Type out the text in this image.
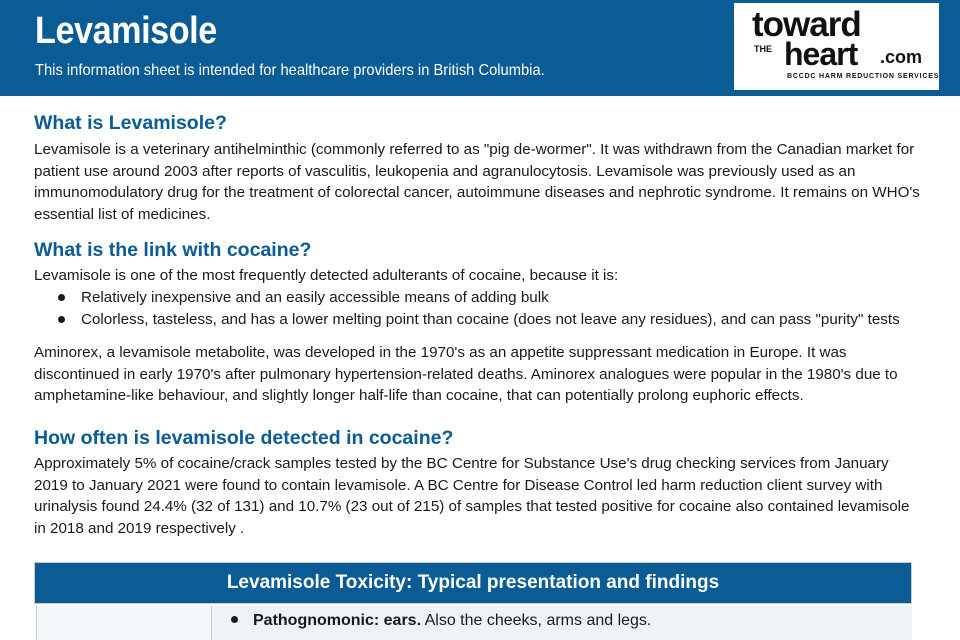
Levamisole
This information sheet is intended for healthcare providers in British Columbia.
toward
THE heart .com
BCCDC HARM REDUCTION SERVICES
What is Levamisole?

Levamisole is a veterinary antihelminthic (commonly referred to as "pig de-wormer". It was withdrawn from the Canadian market for patient use around 2003 after reports of vasculitis, leukopenia and agranulocytosis. Levamisole was previously used as an immunomodulatory drug for the treatment of colorectal cancer, autoimmune diseases and nephrotic syndrome. It remains on WHO's essential list of medicines.

What is the link with cocaine?

Levamisole is one of the most frequently detected adulterants of cocaine, because it is:

Relatively inexpensive and an easily accessible means of adding bulk
Colorless, tasteless, and has a lower melting point than cocaine (does not leave any residues), and can pass "purity" tests

Aminorex, a levamisole metabolite, was developed in the 1970's as an appetite suppressant medication in Europe. It was discontinued in early 1970's after pulmonary hypertension-related deaths. Aminorex analogues were popular in the 1980's due to amphetamine-like behaviour, and slightly longer half-life than cocaine, that can potentially prolong euphoric effects.

How often is levamisole detected in cocaine?

Approximately 5% of cocaine/crack samples tested by the BC Centre for Substance Use's drug checking services from January 2019 to January 2021 were found to contain levamisole. A BC Centre for Disease Control led harm reduction client survey with urinalysis found 24.4% (32 of 131) and 10.7% (23 out of 215) of samples that tested positive for cocaine also contained levamisole in 2018 and 2019 respectively .

Levamisole Toxicity: Typical presentation and findings
Pathognomonic: ears. Also the cheeks, arms and legs.
